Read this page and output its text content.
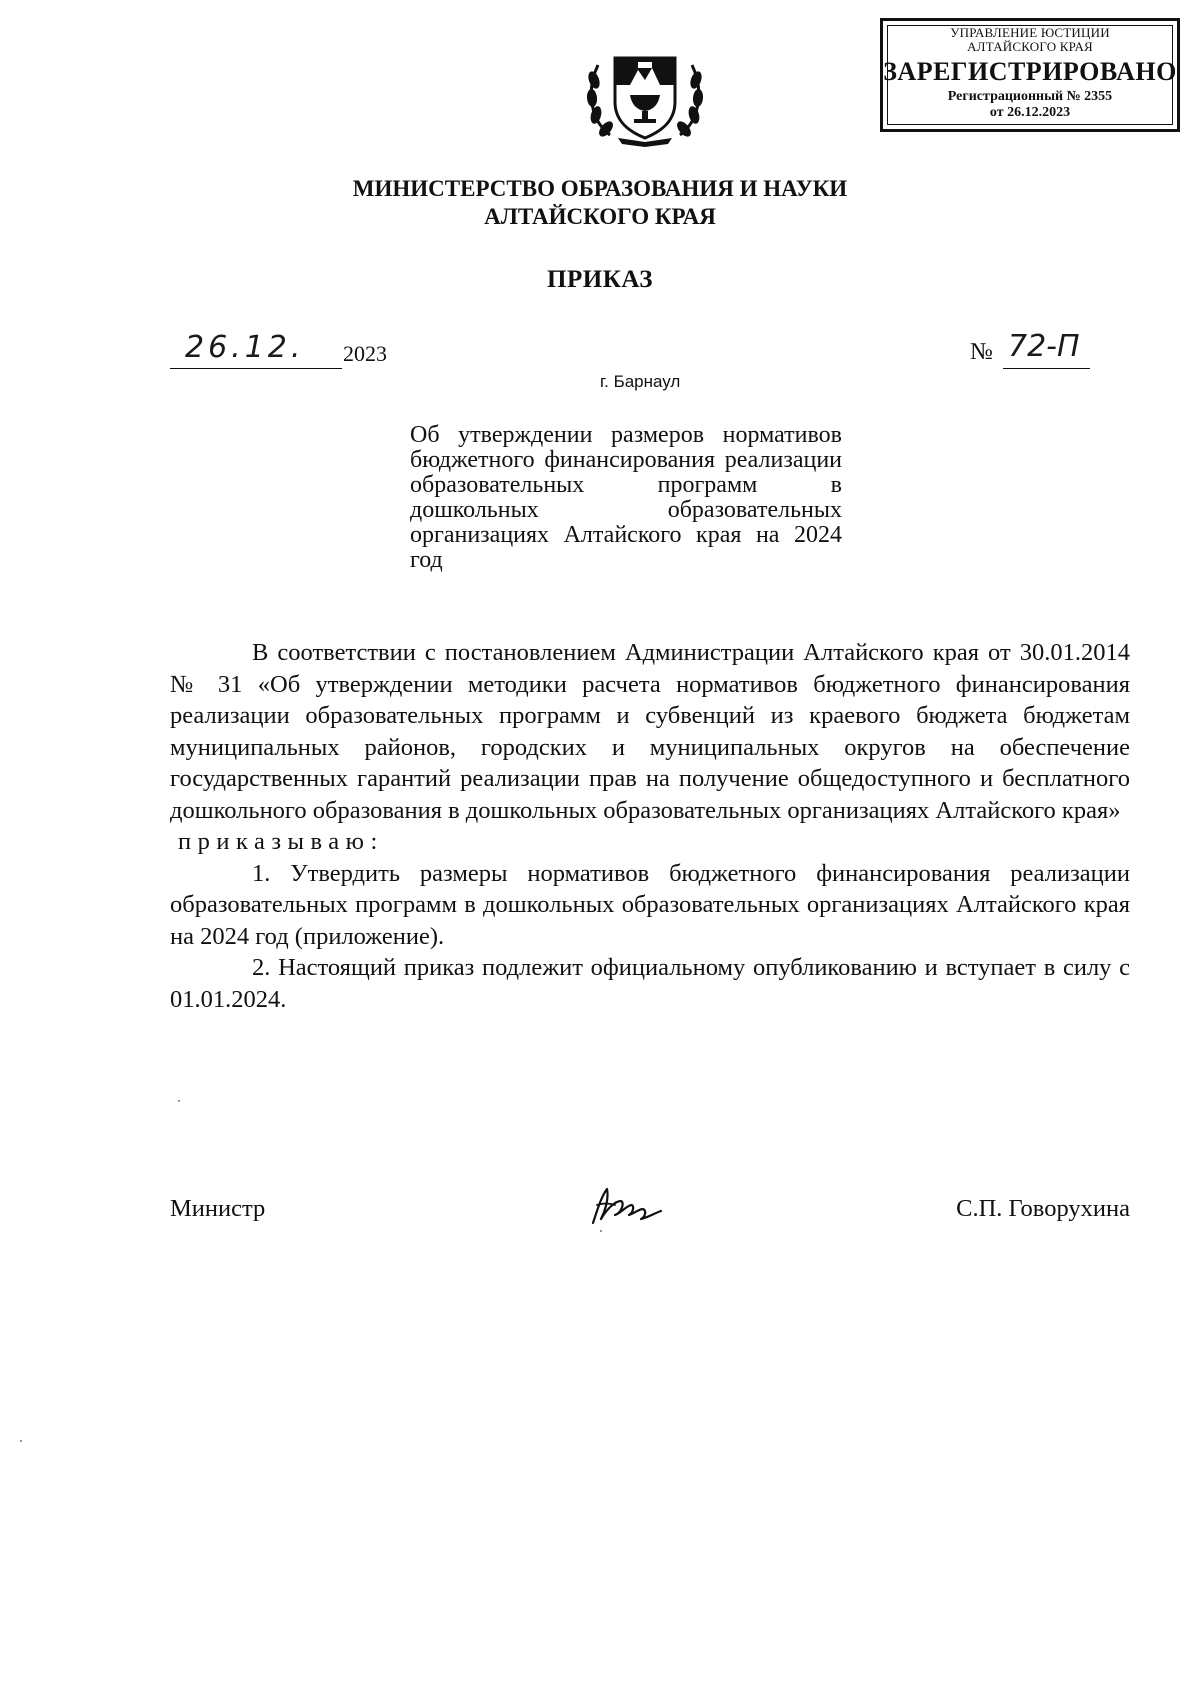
УПРАВЛЕНИЕ ЮСТИЦИИ
АЛТАЙСКОГО КРАЯ
ЗАРЕГИСТРИРОВАНО
Регистрационный № 2355
от 26.12.2023
МИНИСТЕРСТВО ОБРАЗОВАНИЯ И НАУКИ
АЛТАЙСКОГО КРАЯ
ПРИКАЗ
26.12. 2023	№ 72-П
г. Барнаул
Об утверждении размеров нормативов бюджетного финансирования реализации образовательных программ в дошкольных образовательных организациях Алтайского края на 2024 год

В соответствии с постановлением Администрации Алтайского края от 30.01.2014 № 31 «Об утверждении методики расчета нормативов бюджетного финансирования реализации образовательных программ и субвенций из краевого бюджета бюджетам муниципальных районов, городских и муниципальных округов на обеспечение государственных гарантий реализации прав на получение общедоступного и бесплатного дошкольного образования в дошкольных образовательных организациях Алтайского края»

приказываю:

1. Утвердить размеры нормативов бюджетного финансирования реализации образовательных программ в дошкольных образовательных организациях Алтайского края на 2024 год (приложение).

2. Настоящий приказ подлежит официальному опубликованию и вступает в силу с 01.01.2024.

Министр	С.П. Говорухина
